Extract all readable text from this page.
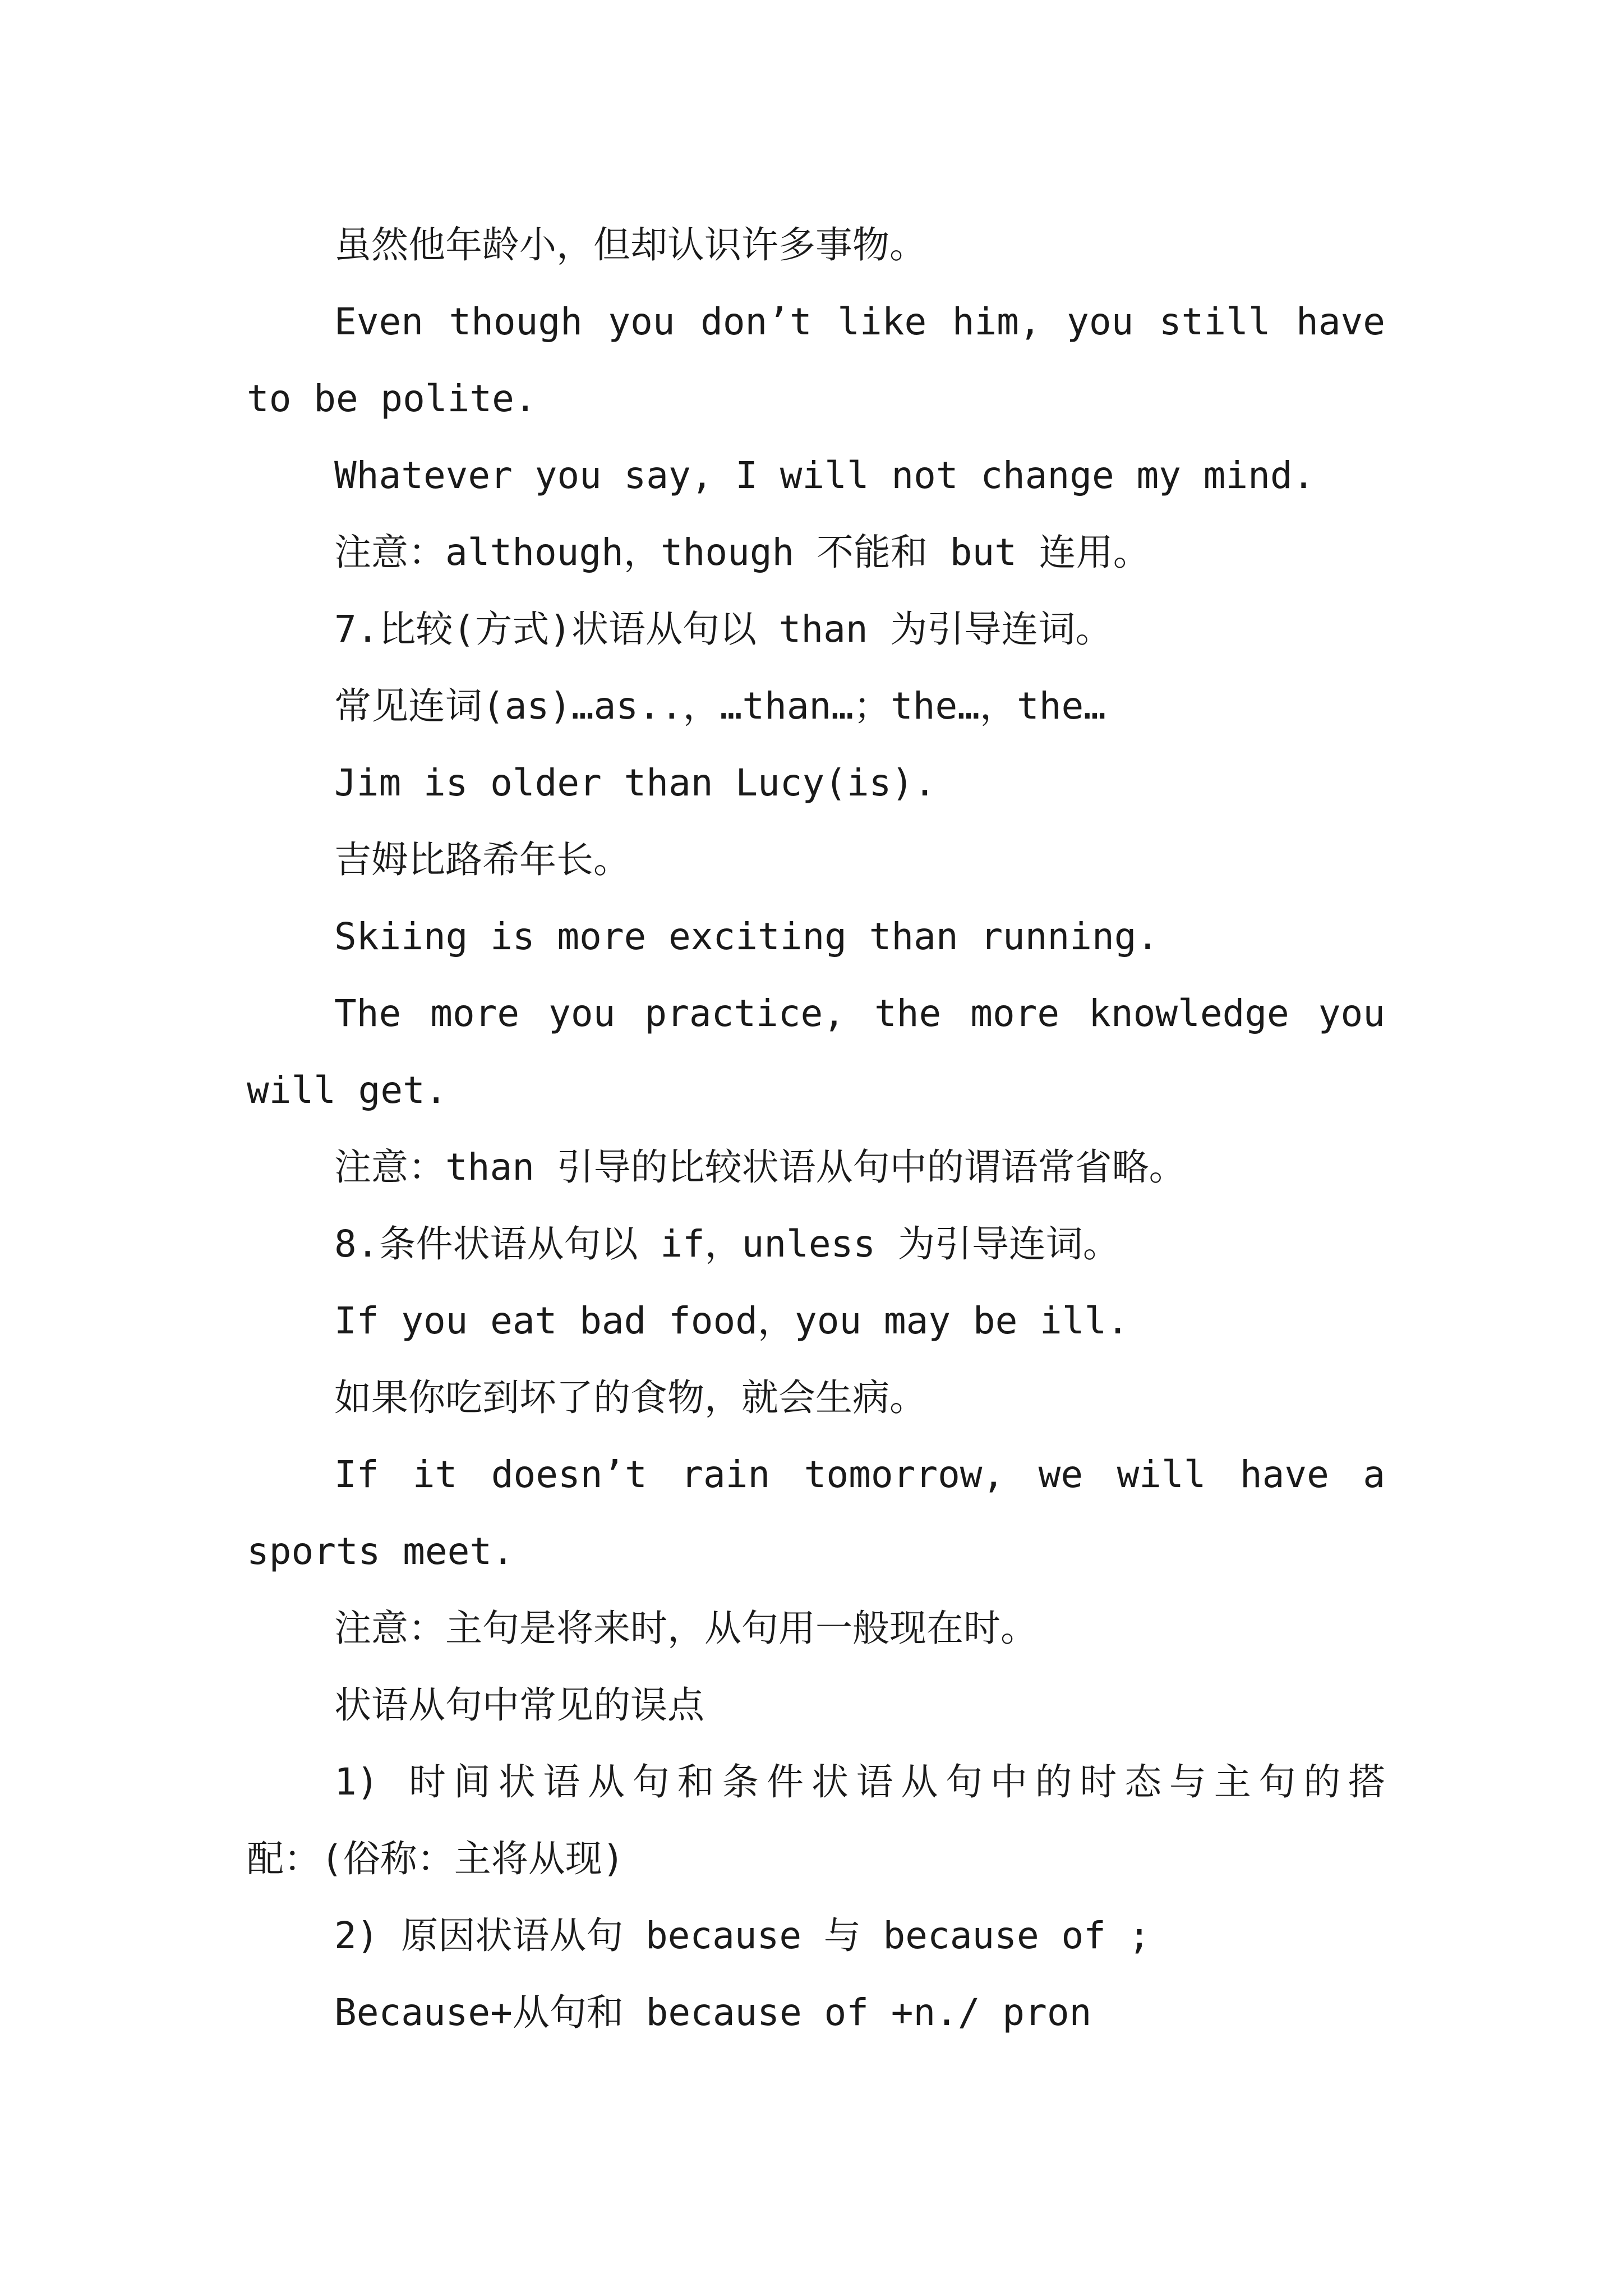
虽然他年龄小，但却认识许多事物。
Even though you don’t like him, you still have
to be polite.
Whatever you say, I will not change my mind.
注意：although，though 不能和 but 连用。
7.比较(方式)状语从句以 than 为引导连词。
常见连词(as)…as..，…than…；the…，the…
Jim is older than Lucy(is).
吉姆比路希年长。
Skiing is more exciting than running.
The more you practice, the more knowledge you
will get.
注意：than 引导的比较状语从句中的谓语常省略。
8.条件状语从句以 if，unless 为引导连词。
If you eat bad food，you may be ill.
如果你吃到坏了的食物，就会生病。
If it doesn’t rain tomorrow, we will have a
sports meet.
注意：主句是将来时，从句用一般现在时。
状语从句中常见的误点
1) 时间状语从句和条件状语从句中的时态与主句的搭
配：(俗称：主将从现)
2) 原因状语从句 because 与 because of ;
Because+从句和 because of +n./ pron
